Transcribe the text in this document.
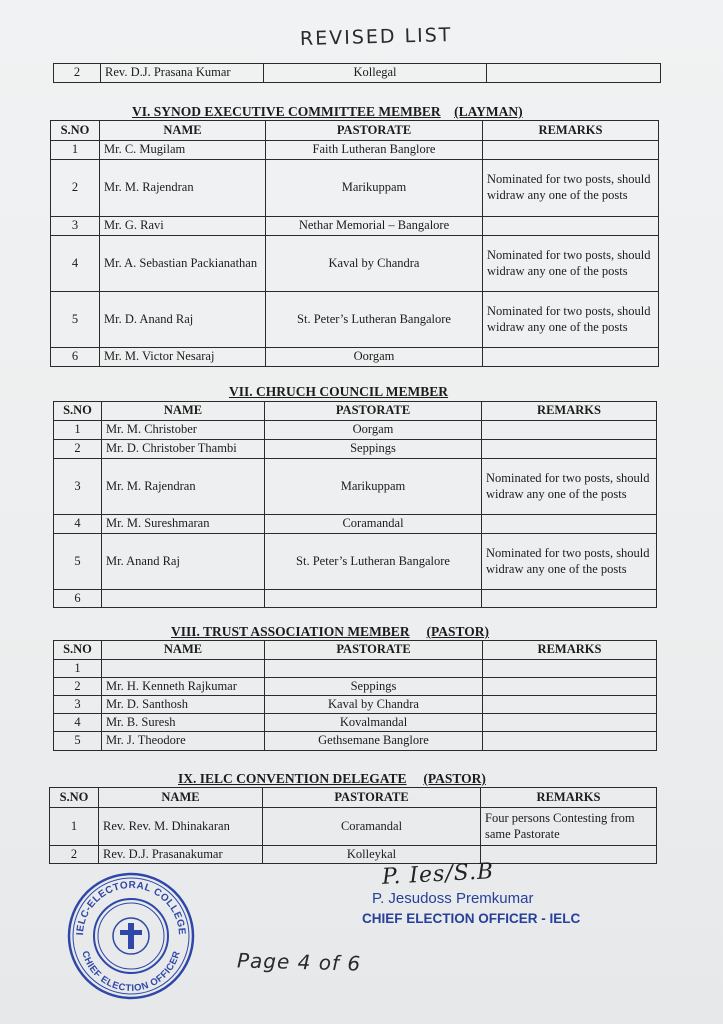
REVISED LIST
2	Rev. D.J. Prasana Kumar	Kollegal	
VI. SYNOD EXECUTIVE COMMITTEE MEMBER (LAYMAN)
S.NO	NAME	PASTORATE	REMARKS
1	Mr. C. Mugilam	Faith Lutheran Banglore	
2	Mr. M. Rajendran	Marikuppam	Nominated for two posts, should widraw any one of the posts
3	Mr. G. Ravi	Nethar Memorial – Bangalore	
4	Mr. A. Sebastian Packianathan	Kaval by Chandra	Nominated for two posts, should widraw any one of the posts
5	Mr. D. Anand Raj	St. Peter’s Lutheran Bangalore	Nominated for two posts, should widraw any one of the posts
6	Mr. M. Victor Nesaraj	Oorgam	
VII. CHRUCH COUNCIL MEMBER
S.NO	NAME	PASTORATE	REMARKS
1	Mr. M. Christober	Oorgam	
2	Mr. D. Christober Thambi	Seppings	
3	Mr. M. Rajendran	Marikuppam	Nominated for two posts, should widraw any one of the posts
4	Mr. M. Sureshmaran	Coramandal	
5	Mr. Anand Raj	St. Peter’s Lutheran Bangalore	Nominated for two posts, should widraw any one of the posts
6			
VIII. TRUST ASSOCIATION MEMBER (PASTOR)
S.NO	NAME	PASTORATE	REMARKS
1			
2	Mr. H. Kenneth Rajkumar	Seppings	
3	Mr. D. Santhosh	Kaval by Chandra	
4	Mr. B. Suresh	Kovalmandal	
5	Mr. J. Theodore	Gethsemane Banglore	
IX. IELC CONVENTION DELEGATE (PASTOR)
S.NO	NAME	PASTORATE	REMARKS
1	Rev. Rev. M. Dhinakaran	Coramandal	Four persons Contesting from same Pastorate
2	Rev. D.J. Prasanakumar	Kolleykal	
P. Ies/S.B
P. Jesudoss Premkumar
CHIEF ELECTION OFFICER - IELC
IELC-ELECTORAL COLLEGE
CHIEF ELECTION OFFICER	Page 4 of 6
